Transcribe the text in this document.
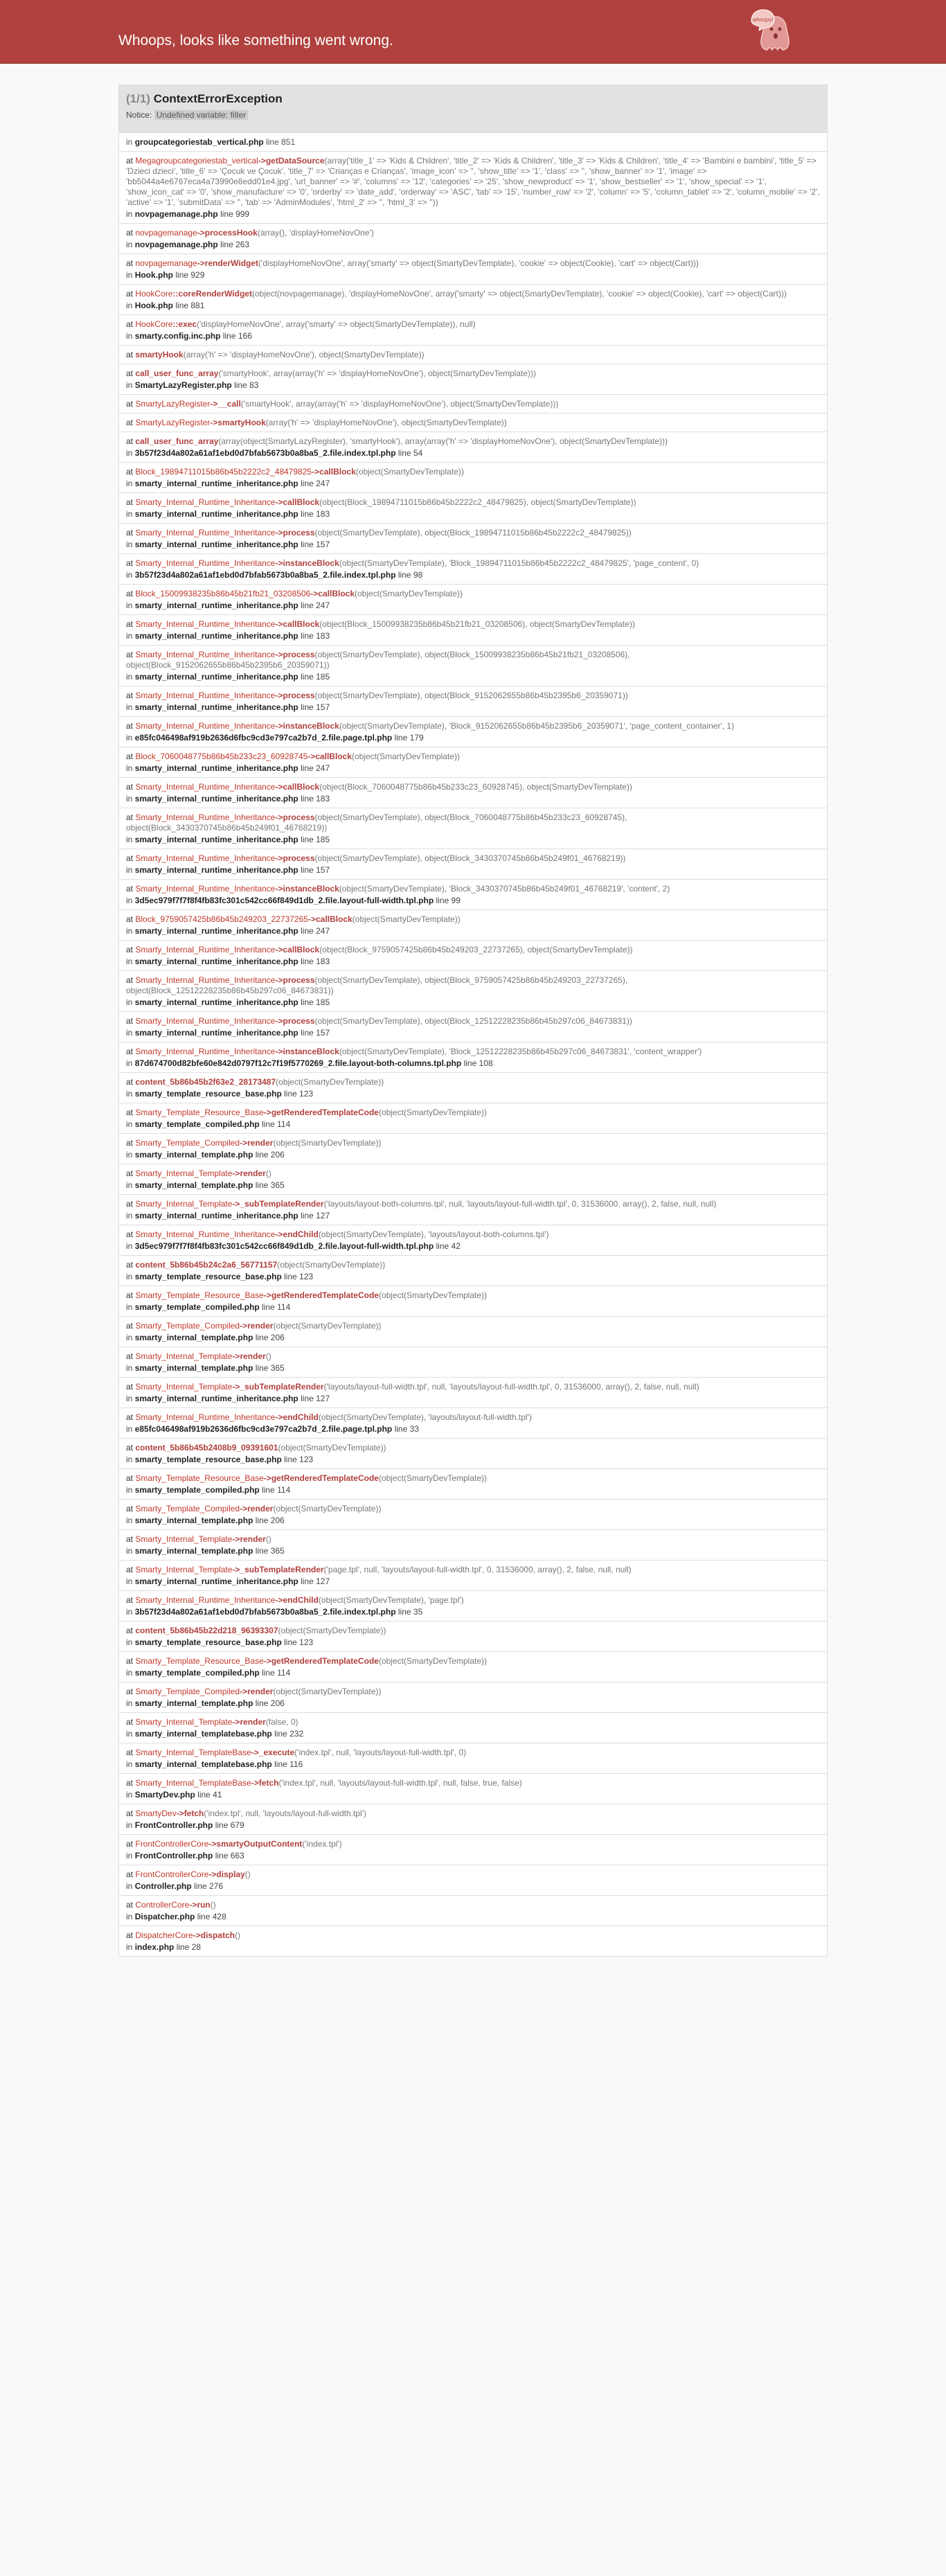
Whoops, looks like something went wrong.
whoops!
(1/1) ContextErrorException
Notice: Undefined variable: filter
in groupcategoriestab_vertical.php line 851
at Megagroupcategoriestab_vertical->getDataSource(array('title_1' => 'Kids & Children', 'title_2' => 'Kids & Children', 'title_3' => 'Kids & Children', 'title_4' => 'Bambini e bambini', 'title_5' => 'Dzieci dzieci', 'title_6' => 'Çocuk ve Çocuk', 'title_7' => 'Crianças e Crianças', 'image_icon' => '', 'show_title' => '1', 'class' => '', 'show_banner' => '1', 'image' => 'bb5044a4e6767eca4a73990e8edd01e4.jpg', 'url_banner' => '#', 'columns' => '12', 'categories' => '25', 'show_newproduct' => '1', 'show_bestseller' => '1', 'show_special' => '1', 'show_icon_cat' => '0', 'show_manufacture' => '0', 'orderby' => 'date_add', 'orderway' => 'ASC', 'tab' => '15', 'number_row' => '2', 'column' => '5', 'column_tablet' => '2', 'column_mobile' => '2', 'active' => '1', 'submitData' => '', 'tab' => 'AdminModules', 'html_2' => '', 'html_3' => ''))
in novpagemanage.php line 999
at novpagemanage->processHook(array(), 'displayHomeNovOne')
in novpagemanage.php line 263
at novpagemanage->renderWidget('displayHomeNovOne', array('smarty' => object(SmartyDevTemplate), 'cookie' => object(Cookie), 'cart' => object(Cart)))
in Hook.php line 929
at HookCore::coreRenderWidget(object(novpagemanage), 'displayHomeNovOne', array('smarty' => object(SmartyDevTemplate), 'cookie' => object(Cookie), 'cart' => object(Cart)))
in Hook.php line 881
at HookCore::exec('displayHomeNovOne', array('smarty' => object(SmartyDevTemplate)), null)
in smarty.config.inc.php line 166
at smartyHook(array('h' => 'displayHomeNovOne'), object(SmartyDevTemplate))
at call_user_func_array('smartyHook', array(array('h' => 'displayHomeNovOne'), object(SmartyDevTemplate)))
in SmartyLazyRegister.php line 83
at SmartyLazyRegister->__call('smartyHook', array(array('h' => 'displayHomeNovOne'), object(SmartyDevTemplate)))
at SmartyLazyRegister->smartyHook(array('h' => 'displayHomeNovOne'), object(SmartyDevTemplate))
at call_user_func_array(array(object(SmartyLazyRegister), 'smartyHook'), array(array('h' => 'displayHomeNovOne'), object(SmartyDevTemplate)))
in 3b57f23d4a802a61af1ebd0d7bfab5673b0a8ba5_2.file.index.tpl.php line 54
at Block_19894711015b86b45b2222c2_48479825->callBlock(object(SmartyDevTemplate))
in smarty_internal_runtime_inheritance.php line 247
at Smarty_Internal_Runtime_Inheritance->callBlock(object(Block_19894711015b86b45b2222c2_48479825), object(SmartyDevTemplate))
in smarty_internal_runtime_inheritance.php line 183
at Smarty_Internal_Runtime_Inheritance->process(object(SmartyDevTemplate), object(Block_19894711015b86b45b2222c2_48479825))
in smarty_internal_runtime_inheritance.php line 157
at Smarty_Internal_Runtime_Inheritance->instanceBlock(object(SmartyDevTemplate), 'Block_19894711015b86b45b2222c2_48479825', 'page_content', 0)
in 3b57f23d4a802a61af1ebd0d7bfab5673b0a8ba5_2.file.index.tpl.php line 98
at Block_15009938235b86b45b21fb21_03208506->callBlock(object(SmartyDevTemplate))
in smarty_internal_runtime_inheritance.php line 247
at Smarty_Internal_Runtime_Inheritance->callBlock(object(Block_15009938235b86b45b21fb21_03208506), object(SmartyDevTemplate))
in smarty_internal_runtime_inheritance.php line 183
at Smarty_Internal_Runtime_Inheritance->process(object(SmartyDevTemplate), object(Block_15009938235b86b45b21fb21_03208506), object(Block_9152062655b86b45b2395b6_20359071))
in smarty_internal_runtime_inheritance.php line 185
at Smarty_Internal_Runtime_Inheritance->process(object(SmartyDevTemplate), object(Block_9152062655b86b45b2395b6_20359071))
in smarty_internal_runtime_inheritance.php line 157
at Smarty_Internal_Runtime_Inheritance->instanceBlock(object(SmartyDevTemplate), 'Block_9152062655b86b45b2395b6_20359071', 'page_content_container', 1)
in e85fc046498af919b2636d6fbc9cd3e797ca2b7d_2.file.page.tpl.php line 179
at Block_7060048775b86b45b233c23_60928745->callBlock(object(SmartyDevTemplate))
in smarty_internal_runtime_inheritance.php line 247
at Smarty_Internal_Runtime_Inheritance->callBlock(object(Block_7060048775b86b45b233c23_60928745), object(SmartyDevTemplate))
in smarty_internal_runtime_inheritance.php line 183
at Smarty_Internal_Runtime_Inheritance->process(object(SmartyDevTemplate), object(Block_7060048775b86b45b233c23_60928745), object(Block_3430370745b86b45b249f01_46768219))
in smarty_internal_runtime_inheritance.php line 185
at Smarty_Internal_Runtime_Inheritance->process(object(SmartyDevTemplate), object(Block_3430370745b86b45b249f01_46768219))
in smarty_internal_runtime_inheritance.php line 157
at Smarty_Internal_Runtime_Inheritance->instanceBlock(object(SmartyDevTemplate), 'Block_3430370745b86b45b249f01_46768219', 'content', 2)
in 3d5ec979f7f7f8f4fb83fc301c542cc66f849d1db_2.file.layout-full-width.tpl.php line 99
at Block_9759057425b86b45b249203_22737265->callBlock(object(SmartyDevTemplate))
in smarty_internal_runtime_inheritance.php line 247
at Smarty_Internal_Runtime_Inheritance->callBlock(object(Block_9759057425b86b45b249203_22737265), object(SmartyDevTemplate))
in smarty_internal_runtime_inheritance.php line 183
at Smarty_Internal_Runtime_Inheritance->process(object(SmartyDevTemplate), object(Block_9759057425b86b45b249203_22737265), object(Block_12512228235b86b45b297c06_84673831))
in smarty_internal_runtime_inheritance.php line 185
at Smarty_Internal_Runtime_Inheritance->process(object(SmartyDevTemplate), object(Block_12512228235b86b45b297c06_84673831))
in smarty_internal_runtime_inheritance.php line 157
at Smarty_Internal_Runtime_Inheritance->instanceBlock(object(SmartyDevTemplate), 'Block_12512228235b86b45b297c06_84673831', 'content_wrapper')
in 87d674700d82bfe60e842d0797f12c7f19f5770269_2.file.layout-both-columns.tpl.php line 108
at content_5b86b45b2f63e2_28173487(object(SmartyDevTemplate))
in smarty_template_resource_base.php line 123
at Smarty_Template_Resource_Base->getRenderedTemplateCode(object(SmartyDevTemplate))
in smarty_template_compiled.php line 114
at Smarty_Template_Compiled->render(object(SmartyDevTemplate))
in smarty_internal_template.php line 206
at Smarty_Internal_Template->render()
in smarty_internal_template.php line 365
at Smarty_Internal_Template->_subTemplateRender('layouts/layout-both-columns.tpl', null, 'layouts/layout-full-width.tpl', 0, 31536000, array(), 2, false, null, null)
in smarty_internal_runtime_inheritance.php line 127
at Smarty_Internal_Runtime_Inheritance->endChild(object(SmartyDevTemplate), 'layouts/layout-both-columns.tpl')
in 3d5ec979f7f7f8f4fb83fc301c542cc66f849d1db_2.file.layout-full-width.tpl.php line 42
at content_5b86b45b24c2a6_56771157(object(SmartyDevTemplate))
in smarty_template_resource_base.php line 123
at Smarty_Template_Resource_Base->getRenderedTemplateCode(object(SmartyDevTemplate))
in smarty_template_compiled.php line 114
at Smarty_Template_Compiled->render(object(SmartyDevTemplate))
in smarty_internal_template.php line 206
at Smarty_Internal_Template->render()
in smarty_internal_template.php line 365
at Smarty_Internal_Template->_subTemplateRender('layouts/layout-full-width.tpl', null, 'layouts/layout-full-width.tpl', 0, 31536000, array(), 2, false, null, null)
in smarty_internal_runtime_inheritance.php line 127
at Smarty_Internal_Runtime_Inheritance->endChild(object(SmartyDevTemplate), 'layouts/layout-full-width.tpl')
in e85fc046498af919b2636d6fbc9cd3e797ca2b7d_2.file.page.tpl.php line 33
at content_5b86b45b2408b9_09391601(object(SmartyDevTemplate))
in smarty_template_resource_base.php line 123
at Smarty_Template_Resource_Base->getRenderedTemplateCode(object(SmartyDevTemplate))
in smarty_template_compiled.php line 114
at Smarty_Template_Compiled->render(object(SmartyDevTemplate))
in smarty_internal_template.php line 206
at Smarty_Internal_Template->render()
in smarty_internal_template.php line 365
at Smarty_Internal_Template->_subTemplateRender('page.tpl', null, 'layouts/layout-full-width.tpl', 0, 31536000, array(), 2, false, null, null)
in smarty_internal_runtime_inheritance.php line 127
at Smarty_Internal_Runtime_Inheritance->endChild(object(SmartyDevTemplate), 'page.tpl')
in 3b57f23d4a802a61af1ebd0d7bfab5673b0a8ba5_2.file.index.tpl.php line 35
at content_5b86b45b22d218_96393307(object(SmartyDevTemplate))
in smarty_template_resource_base.php line 123
at Smarty_Template_Resource_Base->getRenderedTemplateCode(object(SmartyDevTemplate))
in smarty_template_compiled.php line 114
at Smarty_Template_Compiled->render(object(SmartyDevTemplate))
in smarty_internal_template.php line 206
at Smarty_Internal_Template->render(false, 0)
in smarty_internal_templatebase.php line 232
at Smarty_Internal_TemplateBase->_execute('index.tpl', null, 'layouts/layout-full-width.tpl', 0)
in smarty_internal_templatebase.php line 116
at Smarty_Internal_TemplateBase->fetch('index.tpl', null, 'layouts/layout-full-width.tpl', null, false, true, false)
in SmartyDev.php line 41
at SmartyDev->fetch('index.tpl', null, 'layouts/layout-full-width.tpl')
in FrontController.php line 679
at FrontControllerCore->smartyOutputContent('index.tpl')
in FrontController.php line 663
at FrontControllerCore->display()
in Controller.php line 276
at ControllerCore->run()
in Dispatcher.php line 428
at DispatcherCore->dispatch()
in index.php line 28
